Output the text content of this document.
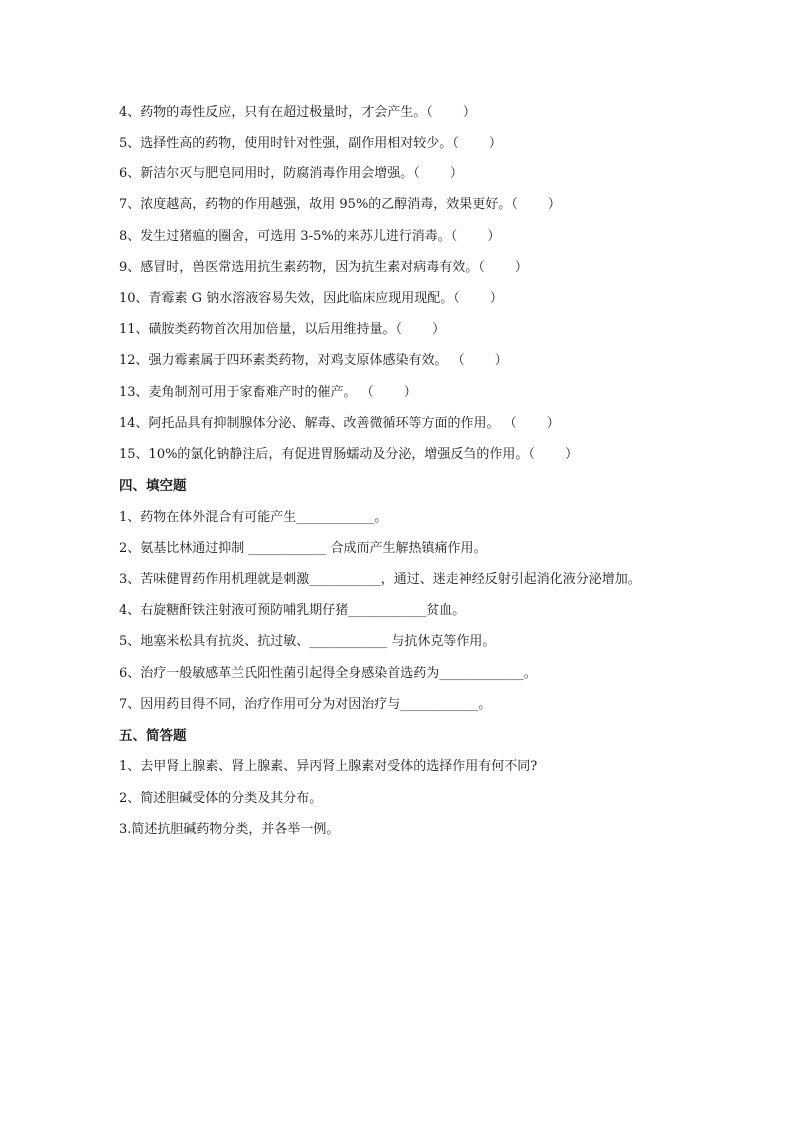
4、药物的毒性反应，只有在超过极量时，才会产生。（　　 ）
5、选择性高的药物，使用时针对性强，副作用相对较少。（　　 ）
6、新洁尔灭与肥皂同用时，防腐消毒作用会增强。（　　 ）
7、浓度越高，药物的作用越强，故用 95%的乙醇消毒，效果更好。（　　 ）
8、发生过猪瘟的圈舍，可选用 3-5%的来苏儿进行消毒。（　　 ）
9、感冒时，兽医常选用抗生素药物，因为抗生素对病毒有效。（　　 ）
10、青霉素 G 钠水溶液容易失效，因此临床应现用现配。（　　 ）
11、磺胺类药物首次用加倍量，以后用维持量。（　　 ）
12、强力霉素属于四环素类药物，对鸡支原体感染有效。 （　　 ）
13、麦角制剂可用于家畜难产时的催产。 （　　 ）
14、阿托品具有抑制腺体分泌、解毒、改善微循环等方面的作用。 （　　 ）
15、10%的氯化钠静注后，有促进胃肠蠕动及分泌，增强反刍的作用。（　　 ）
四、填空题
1、药物在体外混合有可能产生____________。
2、氨基比林通过抑制 ____________ 合成而产生解热镇痛作用。
3、苦味健胃药作用机理就是刺激___________，通过、迷走神经反射引起消化液分泌增加。
4、右旋糖酐铁注射液可预防哺乳期仔猪____________贫血。
5、地塞米松具有抗炎、抗过敏、____________ 与抗休克等作用。
6、治疗一般敏感革兰氏阳性菌引起得全身感染首选药为_____________。
7、因用药目得不同，治疗作用可分为对因治疗与____________。
五、简答题
1、去甲肾上腺素、肾上腺素、异丙肾上腺素对受体的选择作用有何不同?
2、简述胆碱受体的分类及其分布。
3.简述抗胆碱药物分类，并各举一例。
